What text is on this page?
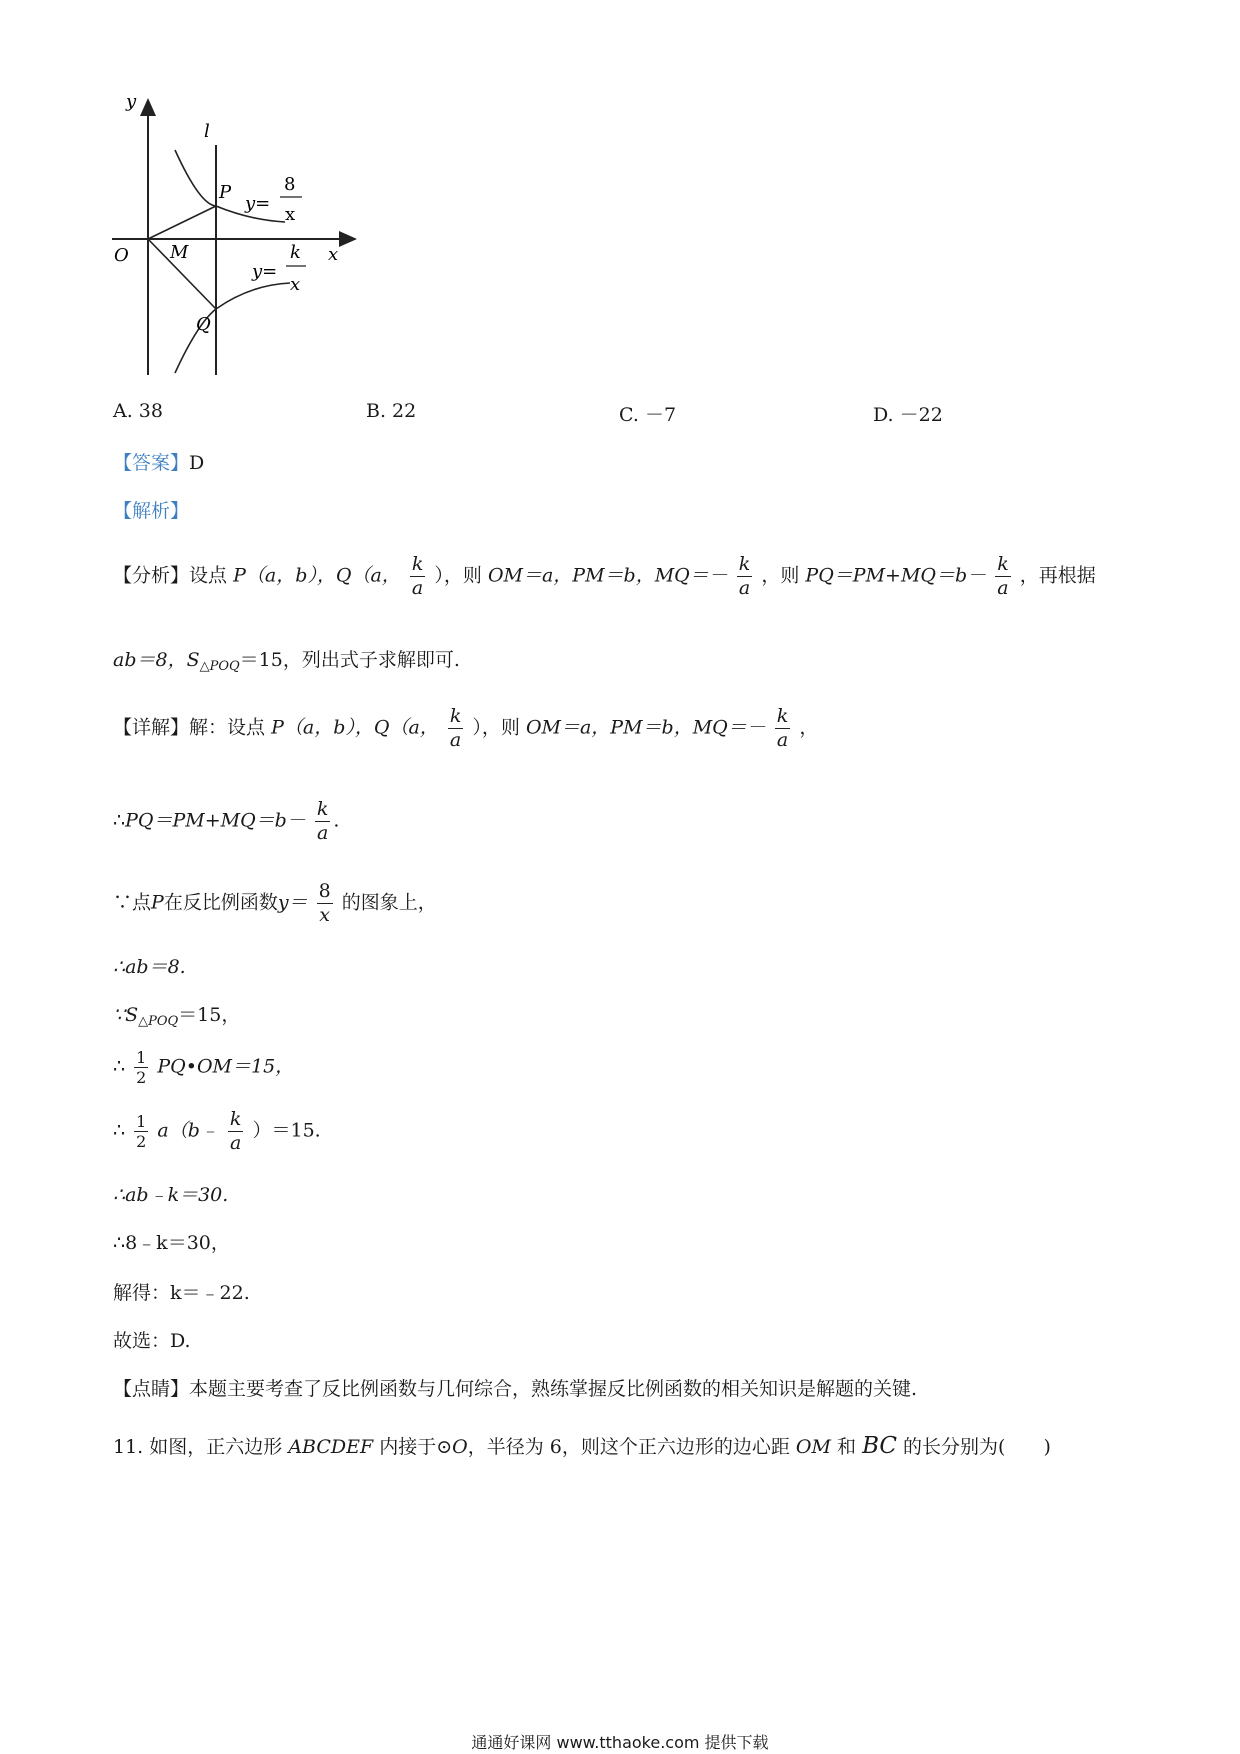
y
x
l
O M
P
Q
y=
8
x
y=
k
x
A. 38	B. 22	C. －7	D. －22
【答案】D
【解析】
【分析】设点 P（a，b），Q（a， $\frac{k}{a}$ ），则 OM＝a，PM＝b，$MQ=- \frac{k}{a}$ ，则 $PQ=PM+MQ=b- \frac{k}{a}$ ，再根据
ab＝8，$S_{\triangle POQ}=15$，列出式子求解即可.
【详解】解：设点 P（a，b），Q（a， $\frac{k}{a}$ ），则 OM＝a，PM＝b，$MQ=- \frac{k}{a}$ ，
∴PQ＝PM+MQ＝b－ $\frac{k}{a}$ .
∵点P在反比例函数$y= \frac{8}{x}$ 的图象上，
∴ab＝8.
$\because S_{\triangle POQ}=15$，
∴ $\frac{1}{2}$ PQ•OM＝15，
∴ $\frac{1}{2}$ a（b﹣ $\frac{k}{a} )=15$.
∴ab﹣k＝30.
∴8﹣k＝30，
解得：k＝﹣22.
故选：D.
【点睛】本题主要考查了反比例函数与几何综合，熟练掌握反比例函数的相关知识是解题的关键.
11. 如图，正六边形 ABCDEF 内接于⊙O，半径为 6，则这个正六边形的边心距 OM 和 BC 的长分别为(　　)
通通好课网 www.tthaoke.com 提供下载
